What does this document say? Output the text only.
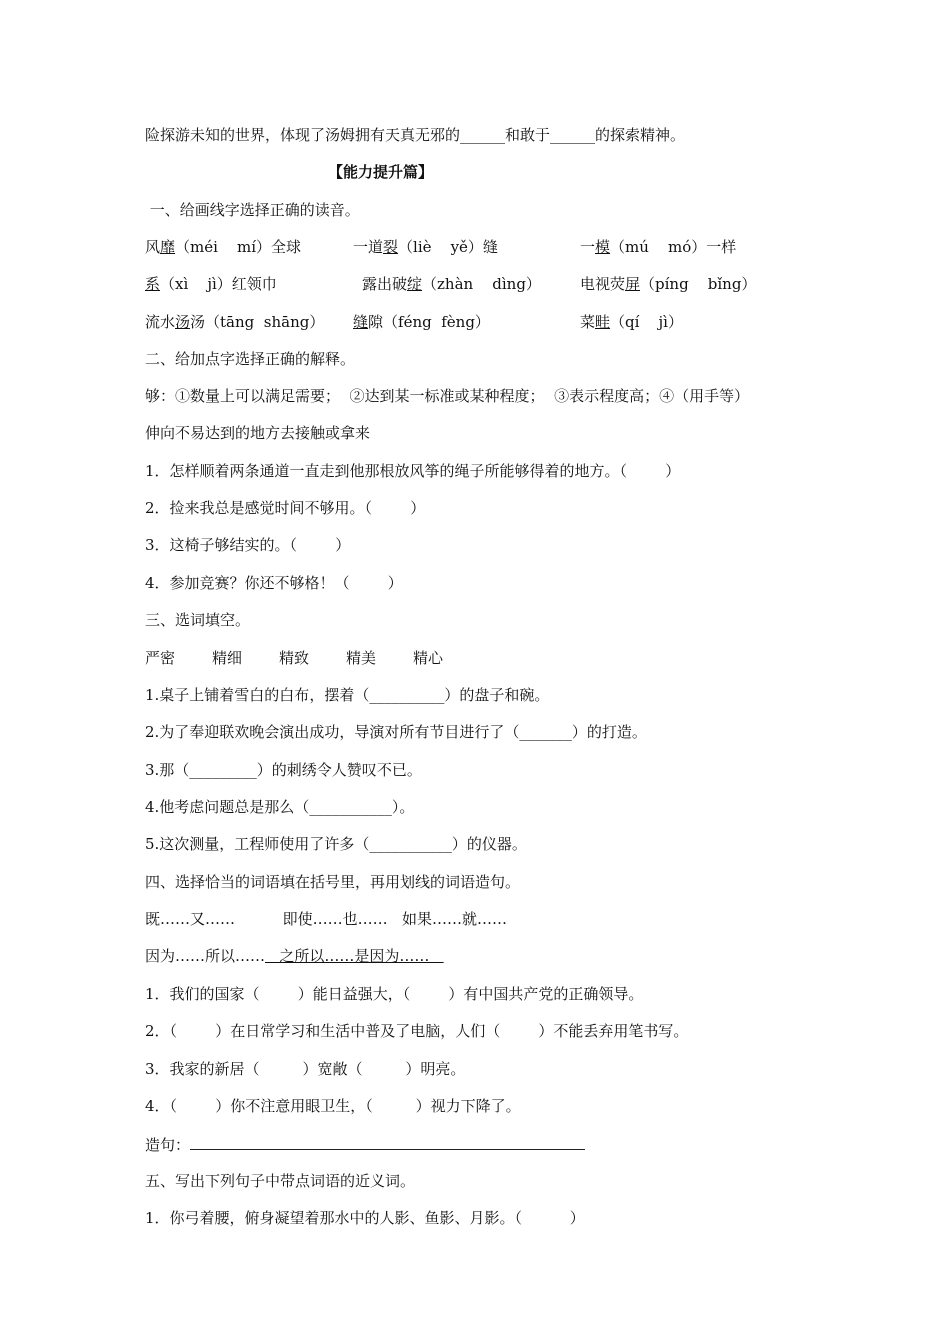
险探游未知的世界，体现了汤姆拥有天真无邪的______和敢于______的探索精神。
【能力提升篇】
一、给画线字选择正确的读音。
风靡（méi    mí）全球	一道裂（liè    yě）缝	一模（mú    mó）一样
系（xì    jì）红领巾	露出破绽（zhàn    dìng）	电视荧屏（píng    bǐng）
流水汤汤（tāng  shāng） 缝隙（féng  fèng）	菜畦（qí    jì）
二、给加点字选择正确的解释。
够：①数量上可以满足需要；  ②达到某一标准或某种程度；  ③表示程度高；④（用手等）
伸向不易达到的地方去接触或拿来
1．怎样顺着两条通道一直走到他那根放风筝的绳子所能够得着的地方。（        ）
2．捡来我总是感觉时间不够用。（        ）
3．这椅子够结实的。（        ）
4．参加竞赛？你还不够格！（        ）
三、选词填空。
严密 精细 精致 精美 精心
1.桌子上铺着雪白的白布，摆着（__________）的盘子和碗。
2.为了奉迎联欢晚会演出成功，导演对所有节目进行了（_______）的打造。
3.那（_________）的刺绣令人赞叹不已。
4.他考虑问题总是那么（___________）。
5.这次测量，工程师使用了许多（___________）的仪器。
四、选择恰当的词语填在括号里，再用划线的词语造句。
既……又……          即使……也……   如果……就……
因为……所以……   之所以……是因为……
1．我们的国家（        ）能日益强大，（        ）有中国共产党的正确领导。
2．（        ）在日常学习和生活中普及了电脑，人们（        ）不能丢弃用笔书写。
3．我家的新居（         ）宽敞（         ）明亮。
4．（        ）你不注意用眼卫生，（         ）视力下降了。
造句：
五、写出下列句子中带点词语的近义词。
1．你弓着腰，俯身凝望着那水中的人影、鱼影、月影。（          ）
